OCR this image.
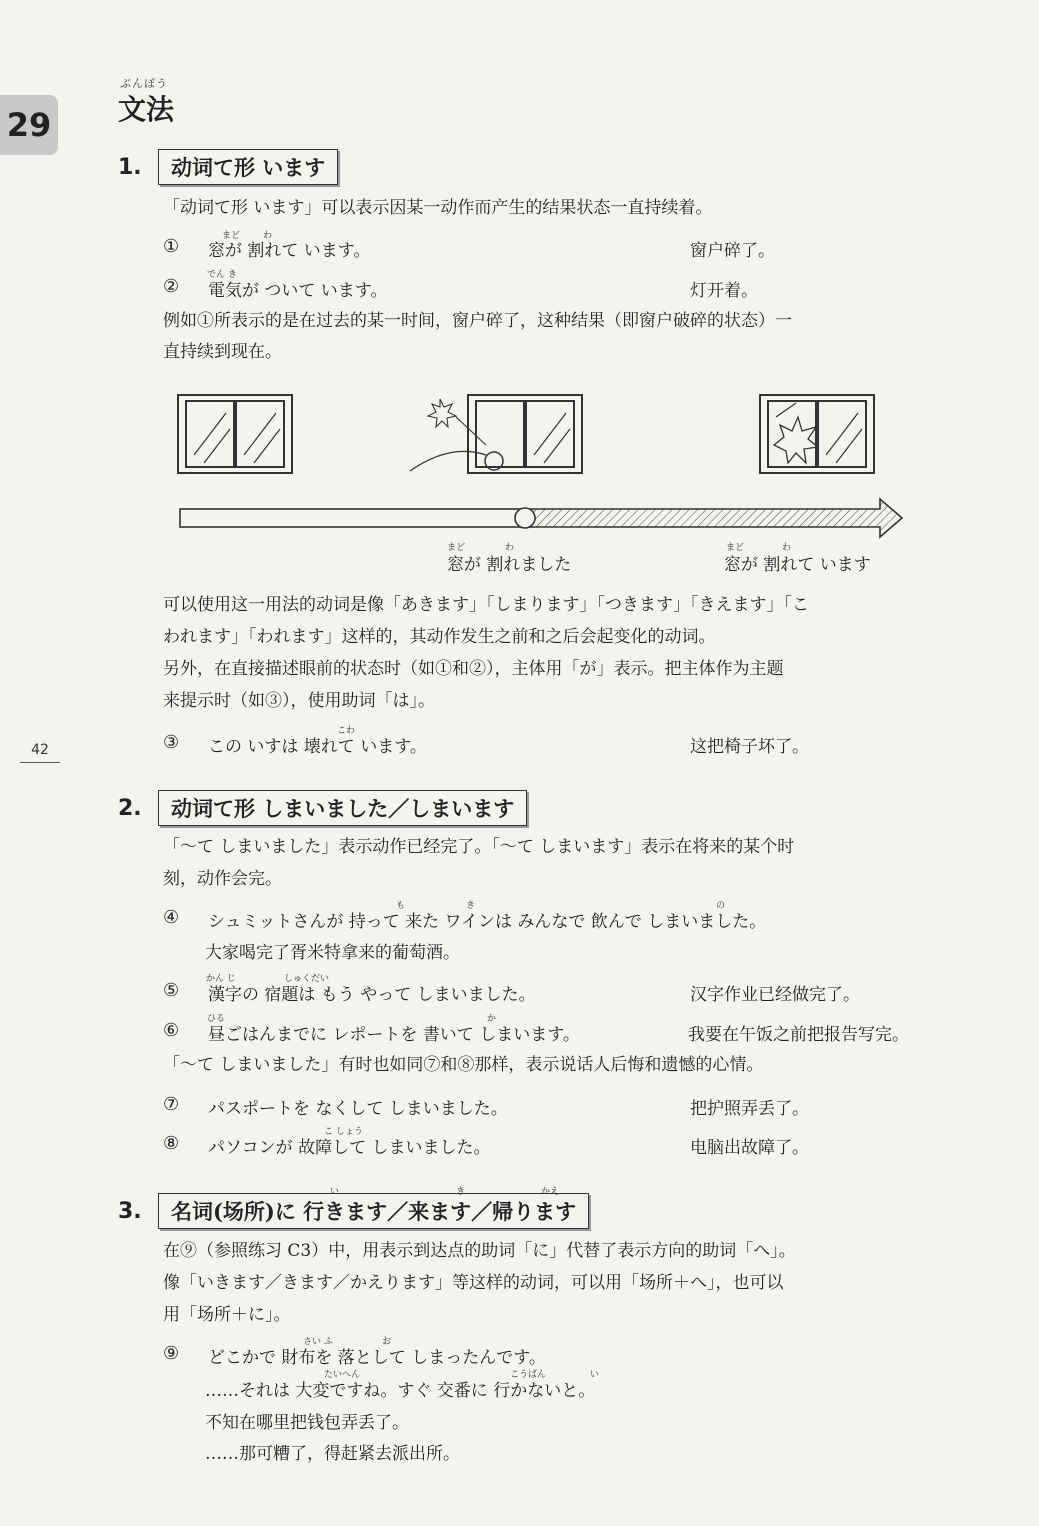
29
ぶんぽう
文法
42
1.	动词て形 います
「动词て形 います」可以表示因某一动作而产生的结果状态一直持续着。
まど	わ
① 窓が 割れて います。	窗户碎了。
でん き
② 電気が ついて います。	灯开着。
例如①所表示的是在过去的某一时间，窗户碎了，这种结果（即窗户破碎的状态）一
直持续到现在。
まど	わ
窓が 割れました
まど	わ
窓が 割れて います
可以使用这一用法的动词是像「あきます」「しまります」「つきます」「きえます」「こ
われます」「われます」这样的，其动作发生之前和之后会起变化的动词。
另外，在直接描述眼前的状态时（如①和②），主体用「が」表示。把主体作为主题
来提示时（如③），使用助词「は」。
こわ
③ この いすは 壊れて います。	这把椅子坏了。
2.	动词て形 しまいました／しまいます
「～て しまいました」表示动作已经完了。「～て しまいます」表示在将来的某个时
刻，动作会完。
も	き	の
④ シュミットさんが 持って 来た ワインは みんなで 飲んで しまいました。
大家喝完了胥米特拿来的葡萄酒。
かん じ	しゅくだい
⑤ 漢字の 宿題は もう やって しまいました。	汉字作业已经做完了。
ひる	か
⑥ 昼ごはんまでに レポートを 書いて しまいます。	我要在午饭之前把报告写完。
「～て しまいました」有时也如同⑦和⑧那样，表示说话人后悔和遗憾的心情。
⑦ パスポートを なくして しまいました。	把护照弄丢了。
こ しょう
⑧ パソコンが 故障して しまいました。	电脑出故障了。
い	き	かえ
3.	名词(场所)に 行きます／来ます／帰ります
在⑨（参照练习 C3）中，用表示到达点的助词「に」代替了表示方向的助词「へ」。
像「いきます／きます／かえります」等这样的动词，可以用「场所＋へ」，也可以
用「场所＋に」。
さい ふ	お
⑨ どこかで 財布を 落として しまったんです。
たいへん	こうばん	い
……それは 大変ですね。すぐ 交番に 行かないと。
不知在哪里把钱包弄丢了。
……那可糟了，得赶紧去派出所。
